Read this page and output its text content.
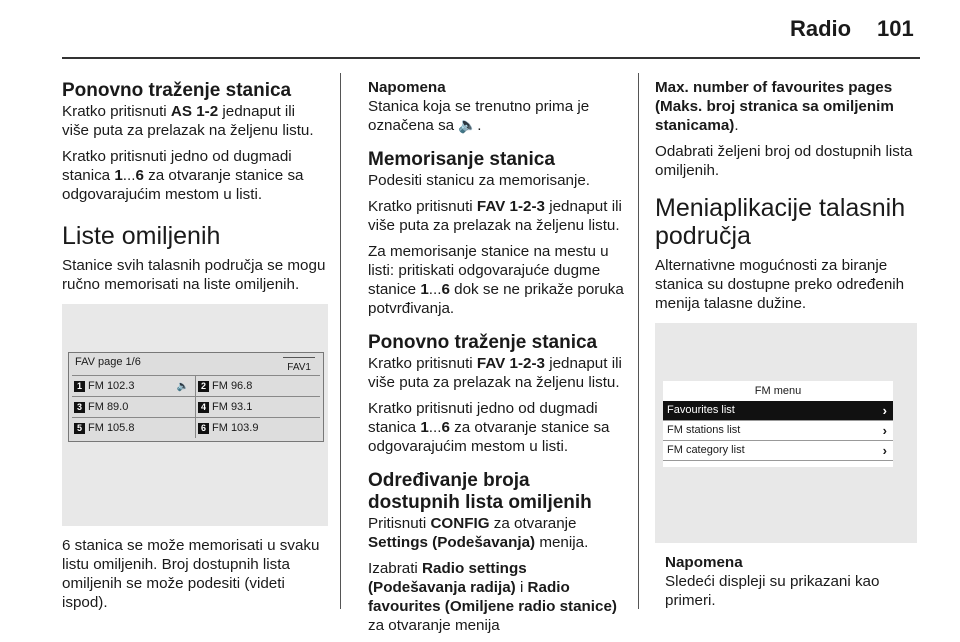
Radio 101
Ponovno traženje stanica

Kratko pritisnuti AS 1-2 jednaput ili više puta za prelazak na željenu listu.

Kratko pritisnuti jedno od dugmadi stanica 1...6 za otvaranje stanice sa odgovarajućim mestom u listi.

Liste omiljenih

Stanice svih talasnih područja se mogu ručno memorisati na liste omiljenih.

FAV page 1/6	FAV1
1 FM 102.3	🔈	2 FM 96.8
3 FM 89.0	4 FM 93.1
5 FM 105.8	6 FM 103.9

6 stanica se može memorisati u svaku listu omiljenih. Broj dostupnih lista omiljenih se može podesiti (videti ispod).

Napomena

Stanica koja se trenutno prima je označena sa 🔈.

Memorisanje stanica

Podesiti stanicu za memorisanje.

Kratko pritisnuti FAV 1-2-3 jednaput ili više puta za prelazak na željenu listu.

Za memorisanje stanice na mestu u listi: pritiskati odgovarajuće dugme stanice 1...6 dok se ne prikaže poruka potvrđivanja.

Ponovno traženje stanica

Kratko pritisnuti FAV 1-2-3 jednaput ili više puta za prelazak na željenu listu.

Kratko pritisnuti jedno od dugmadi stanica 1...6 za otvaranje stanice sa odgovarajućim mestom u listi.

Određivanje broja dostupnih lista omiljenih

Pritisnuti CONFIG za otvaranje Settings (Podešavanja) menija.

Izabrati Radio settings (Podešavanja radija) i Radio favourites (Omiljene radio stanice) za otvaranje menija

Max. number of favourites pages (Maks. broj stranica sa omiljenim stanicama).

Odabrati željeni broj od dostupnih lista omiljenih.

Meniaplikacije talasnih područja

Alternativne mogućnosti za biranje stanica su dostupne preko određenih menija talasne dužine.

FM menu
Favourites list	›
FM stations list	›
FM category list	›
Napomena

Sledeći displeji su prikazani kao primeri.
